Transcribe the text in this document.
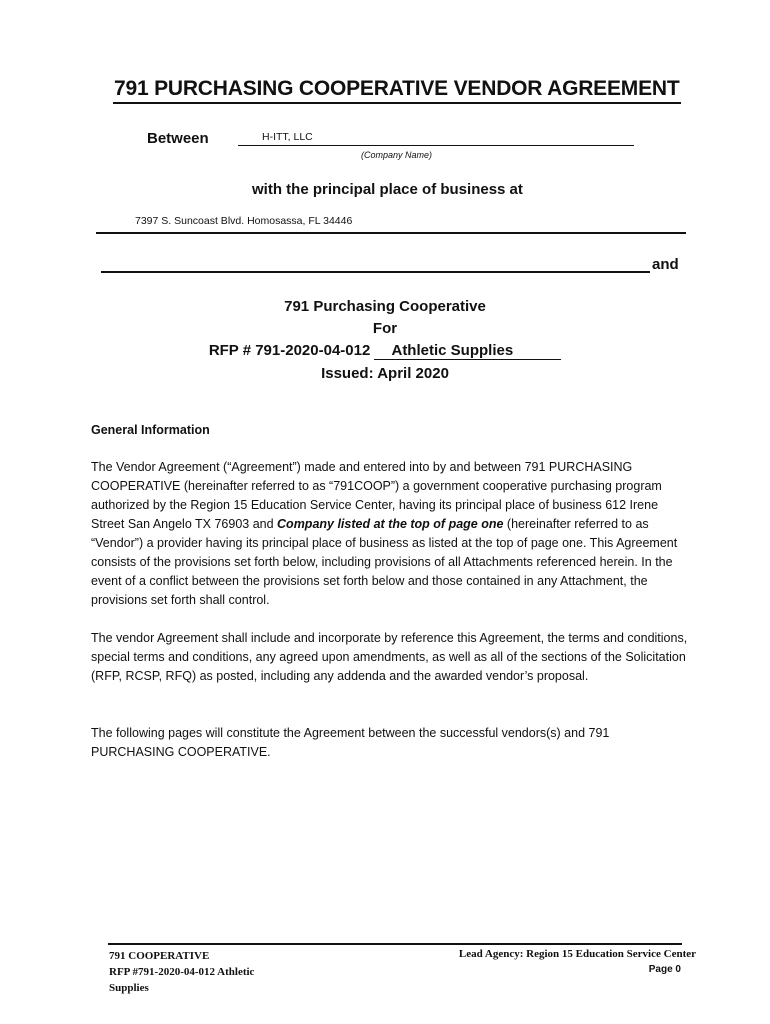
791 PURCHASING COOPERATIVE VENDOR AGREEMENT
Between	H-ITT, LLC
(Company Name)
with the principal place of business at
7397 S. Suncoast Blvd. Homosassa, FL 34446
and
791 Purchasing Cooperative
For
RFP # 791-2020-04-012 Athletic Supplies
Issued: April 2020
General Information

The Vendor Agreement (“Agreement”) made and entered into by and between 791 PURCHASING COOPERATIVE (hereinafter referred to as “791COOP”) a government cooperative purchasing program authorized by the Region 15 Education Service Center, having its principal place of business 612 Irene Street San Angelo TX 76903 and Company listed at the top of page one (hereinafter referred to as “Vendor”) a provider having its principal place of business as listed at the top of page one. This Agreement consists of the provisions set forth below, including provisions of all Attachments referenced herein. In the event of a conflict between the provisions set forth below and those contained in any Attachment, the provisions set forth shall control.

The vendor Agreement shall include and incorporate by reference this Agreement, the terms and conditions, special terms and conditions, any agreed upon amendments, as well as all of the sections of the Solicitation (RFP, RCSP, RFQ) as posted, including any addenda and the awarded vendor’s proposal.

The following pages will constitute the Agreement between the successful vendors(s) and 791 PURCHASING COOPERATIVE.

791 COOPERATIVE
RFP #791-2020-04-012 Athletic
Supplies
Lead Agency: Region 15 Education Service Center
Page 0
